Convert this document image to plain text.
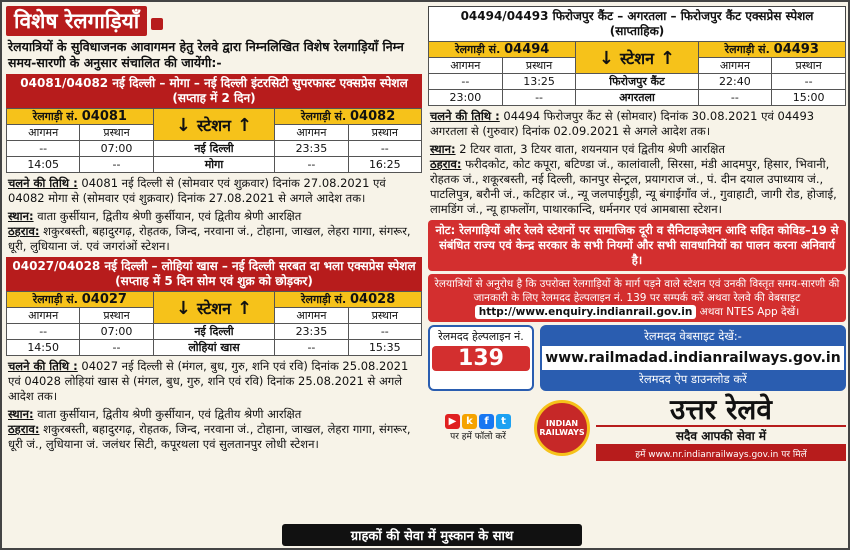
विशेष रेलगाड़ियाँ
रेलयात्रियों के सुविधाजनक आवागमन हेतु रेलवे द्वारा निम्नलिखित विशेष रेलगाड़ियाँ निम्न समय-सारणी के अनुसार संचालित की जायेंगी:-
04081/04082 नई दिल्ली – मोगा – नई दिल्ली इंटरसिटी सुपरफास्ट एक्सप्रेस स्पेशल (सप्ताह में 2 दिन)
रेलगाड़ी सं. 04081		↓ स्टेशन ↑	रेलगाड़ी सं. 04082	
आगमन	प्रस्थान		आगमन	प्रस्थान
--	07:00	नई दिल्ली	23:35	--
14:05	--	मोगा	--	16:25
चलने की तिथि : 04081 नई दिल्ली से (सोमवार एवं शुक्रवार) दिनांक 27.08.2021 एवं 04082 मोगा से (सोमवार एवं शुक्रवार) दिनांक 27.08.2021 से अगले आदेश तक।
स्थान: वाता कुर्सीयान, द्वितीय श्रेणी कुर्सीयान, एवं द्वितीय श्रेणी आरक्षित
ठहराव: शकुरबस्ती, बहादुरगढ़, रोहतक, जिन्द, नरवाना जं., टोहाना, जाखल, लेहरा गागा, संगरूर, धूरी, लुधियाना जं. एवं जगरांओं स्टेशन।
04027/04028 नई दिल्ली – लोहियां खास – नई दिल्ली सरबत दा भला एक्सप्रेस स्पेशल (सप्ताह में 5 दिन सोम एवं शुक्र को छोड़कर)
रेलगाड़ी सं. 04027		↓ स्टेशन ↑	रेलगाड़ी सं. 04028	
आगमन	प्रस्थान		आगमन	प्रस्थान
--	07:00	नई दिल्ली	23:35	--
14:50	--	लोहियां खास	--	15:35
चलने की तिथि : 04027 नई दिल्ली से (मंगल, बुध, गुरु, शनि एवं रवि) दिनांक 25.08.2021 एवं 04028 लोहियां खास से (मंगल, बुध, गुरु, शनि एवं रवि) दिनांक 25.08.2021 से अगले आदेश तक।
स्थान: वाता कुर्सीयान, द्वितीय श्रेणी कुर्सीयान, एवं द्वितीय श्रेणी आरक्षित
ठहराव: शकुरबस्ती, बहादुरगढ़, रोहतक, जिन्द, नरवाना जं., टोहाना, जाखल, लेहरा गागा, संगरूर, धूरी जं., लुधियाना जं. जलंधर सिटी, कपूरथला एवं सुलतानपुर लोधी स्टेशन।
04494/04493 फिरोजपुर कैंट – अगरतला – फिरोजपुर कैंट एक्सप्रेस स्पेशल (साप्ताहिक)
रेलगाड़ी सं. 04494		↓ स्टेशन ↑	रेलगाड़ी सं. 04493	
आगमन	प्रस्थान		आगमन	प्रस्थान
--	13:25	फिरोजपुर कैंट	22:40	--
23:00	--	अगरतला	--	15:00
चलने की तिथि : 04494 फिरोजपुर कैंट से (सोमवार) दिनांक 30.08.2021 एवं 04493 अगरतला से (गुरुवार) दिनांक 02.09.2021 से अगले आदेश तक।
स्थान: 2 टियर वाता, 3 टियर वाता, शयनयान एवं द्वितीय श्रेणी आरक्षित
ठहराव: फरीदकोट, कोट कपूरा, बटिण्डा जं., कालांवाली, सिरसा, मंडी आदमपुर, हिसार, भिवानी, रोहतक जं., शकूरबस्ती, नई दिल्ली, कानपुर सेन्ट्रल, प्रयागराज जं., पं. दीन दयाल उपाध्याय जं., पाटलिपुत्र, बरौनी जं., कटिहार जं., न्यू जलपाईगुड़ी, न्यू बंगाईगाँव जं., गुवाहाटी, जागी रोड, होजाई, लामडिंग जं., न्यू हाफलोंग, पाथारकान्दि, धर्मनगर एवं आमबासा स्टेशन।
नोट: रेलगाड़ियों और रेलवे स्टेशनों पर सामाजिक दूरी व सैनिटाइजेशन आदि सहित कोविड–19 से संबंधित राज्य एवं केन्द्र सरकार के सभी नियमों और सभी सावधानियों का पालन करना अनिवार्य है।
रेलयात्रियों से अनुरोध है कि उपरोक्त रेलगाड़ियों के मार्ग पड़ने वाले स्टेशन एवं उनकी विस्तृत समय-सारणी की जानकारी के लिए रेलमदद हेल्पलाइन नं. 139 पर सम्पर्क करें अथवा रेलवे की वेबसाइट
http://www.enquiry.indianrail.gov.in अथवा NTES App देखें।
रेलमदद हेल्पलाइन नं.
139
रेलमदद वेबसाइट देखें:-
www.railmadad.indianrailways.gov.in
रेलमदद ऐप डाउनलोड करें
▶ k f t
पर हमें फॉलो करें
INDIAN RAILWAYS
उत्तर रेलवे
सदैव आपकी सेवा में
हमें www.nr.indianrailways.gov.in पर मिलें
ग्राहकों की सेवा में मुस्कान के साथ
